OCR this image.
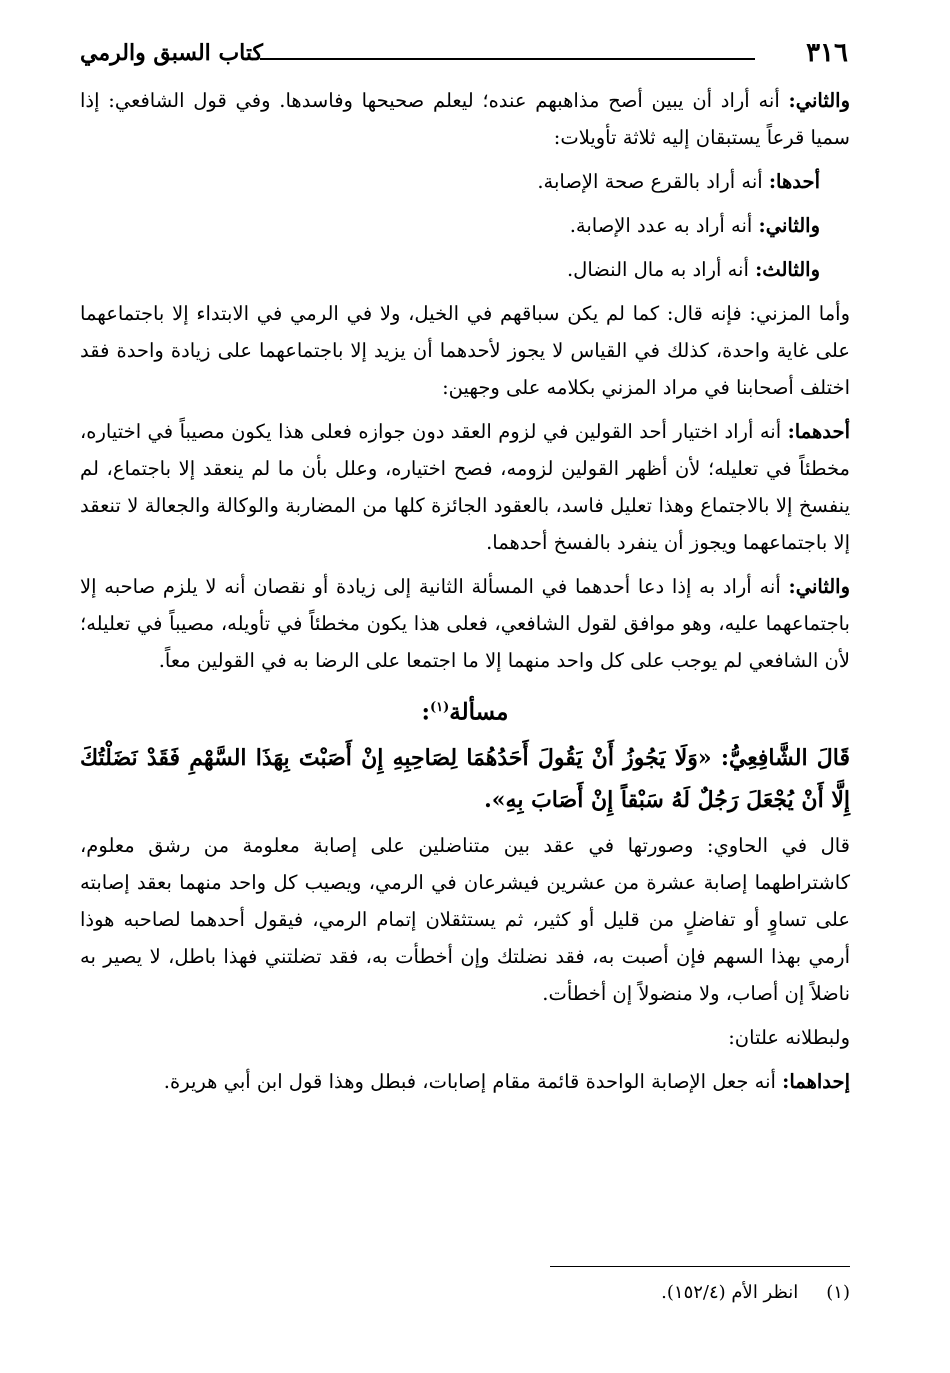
٣١٦
كتاب السبق والرمي

والثاني: أنه أراد أن يبين أصح مذاهبهم عنده؛ ليعلم صحيحها وفاسدها. وفي قول الشافعي: إذا سميا قرعاً يستبقان إليه ثلاثة تأويلات:

أحدها: أنه أراد بالقرع صحة الإصابة.

والثاني: أنه أراد به عدد الإصابة.

والثالث: أنه أراد به مال النضال.

وأما المزني: فإنه قال: كما لم يكن سباقهم في الخيل، ولا في الرمي في الابتداء إلا باجتماعهما على غاية واحدة، كذلك في القياس لا يجوز لأحدهما أن يزيد إلا باجتماعهما على زيادة واحدة فقد اختلف أصحابنا في مراد المزني بكلامه على وجهين:

أحدهما: أنه أراد اختيار أحد القولين في لزوم العقد دون جوازه فعلى هذا يكون مصيباً في اختياره، مخطئاً في تعليله؛ لأن أظهر القولين لزومه، فصح اختياره، وعلل بأن ما لم ينعقد إلا باجتماع، لم ينفسخ إلا بالاجتماع وهذا تعليل فاسد، بالعقود الجائزة كلها من المضاربة والوكالة والجعالة لا تنعقد إلا باجتماعهما ويجوز أن ينفرد بالفسخ أحدهما.

والثاني: أنه أراد به إذا دعا أحدهما في المسألة الثانية إلى زيادة أو نقصان أنه لا يلزم صاحبه إلا باجتماعهما عليه، وهو موافق لقول الشافعي، فعلى هذا يكون مخطئاً في تأويله، مصيباً في تعليله؛ لأن الشافعي لم يوجب على كل واحد منهما إلا ما اجتمعا على الرضا به في القولين معاً.

مسألة$^{(١)}$:

قَالَ الشَّافِعِيُّ: «وَلَا يَجُوزُ أَنْ يَقُولَ أَحَدُهُمَا لِصَاحِبِهِ إِنْ أَصَبْتَ بِهَذَا السَّهْمِ فَقَدْ نَضَلْتُكَ إِلَّا أَنْ يُجْعَلَ رَجُلٌ لَهُ سَبْقاً إِنْ أَصَابَ بِهِ».

قال في الحاوي: وصورتها في عقد بين متناضلين على إصابة معلومة من رشق معلوم، كاشتراطهما إصابة عشرة من عشرين فيشرعان في الرمي، ويصيب كل واحد منهما بعقد إصابته على تساوٍ أو تفاضلٍ من قليل أو كثير، ثم يستثقلان إتمام الرمي، فيقول أحدهما لصاحبه هوذا أرمي بهذا السهم فإن أصبت به، فقد نضلتك وإن أخطأت به، فقد تضلتني فهذا باطل، لا يصير به ناضلاً إن أصاب، ولا منضولاً إن أخطأت.

ولبطلانه علتان:

إحداهما: أنه جعل الإصابة الواحدة قائمة مقام إصابات، فبطل وهذا قول ابن أبي هريرة.

(١)انظر الأم (١٥٢/٤).
